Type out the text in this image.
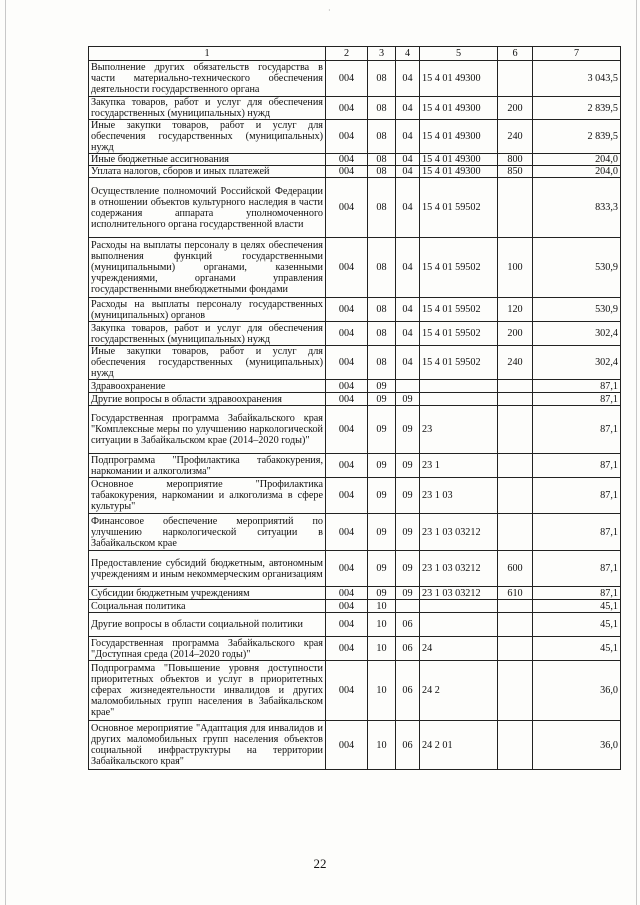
·
1	2	3	4	5	6	7
Выполнение других обязательств государства в части материально-технического обеспечения деятельности государственного органа	004	08	04	15 4 01 49300		3 043,5
Закупка товаров, работ и услуг для обеспечения государственных (муниципальных) нужд	004	08	04	15 4 01 49300	200	2 839,5
Иные закупки товаров, работ и услуг для обеспечения государственных (муниципальных) нужд	004	08	04	15 4 01 49300	240	2 839,5
Иные бюджетные ассигнования	004	08	04	15 4 01 49300	800	204,0
Уплата налогов, сборов и иных платежей	004	08	04	15 4 01 49300	850	204,0
Осуществление полномочий Российской Федерации в отношении объектов культурного наследия в части содержания аппарата уполномоченного исполнительного органа государственной власти	004	08	04	15 4 01 59502		833,3
Расходы на выплаты персоналу в целях обеспечения выполнения функций государственными (муниципальными) органами, казенными учреждениями, органами управления государственными внебюджетными фондами	004	08	04	15 4 01 59502	100	530,9
Расходы на выплаты персоналу государственных (муниципальных) органов	004	08	04	15 4 01 59502	120	530,9
Закупка товаров, работ и услуг для обеспечения государственных (муниципальных) нужд	004	08	04	15 4 01 59502	200	302,4
Иные закупки товаров, работ и услуг для обеспечения государственных (муниципальных) нужд	004	08	04	15 4 01 59502	240	302,4
Здравоохранение	004	09				87,1
Другие вопросы в области здравоохранения	004	09	09			87,1
Государственная программа Забайкальского края "Комплексные меры по улучшению наркологической ситуации в Забайкальском крае (2014–2020 годы)"	004	09	09	23		87,1
Подпрограмма "Профилактика табакокурения, наркомании и алкоголизма"	004	09	09	23 1		87,1
Основное мероприятие "Профилактика табакокурения, наркомании и алкоголизма в сфере культуры"	004	09	09	23 1 03		87,1
Финансовое обеспечение мероприятий по улучшению наркологической ситуации в Забайкальском крае	004	09	09	23 1 03 03212		87,1
Предоставление субсидий бюджетным, автономным учреждениям и иным некоммерческим организациям	004	09	09	23 1 03 03212	600	87,1
Субсидии бюджетным учреждениям	004	09	09	23 1 03 03212	610	87,1
Социальная политика	004	10				45,1
Другие вопросы в области социальной политики	004	10	06			45,1
Государственная программа Забайкальского края "Доступная среда (2014–2020 годы)"	004	10	06	24		45,1
Подпрограмма "Повышение уровня доступности приоритетных объектов и услуг в приоритетных сферах жизнедеятельности инвалидов и других маломобильных групп населения в Забайкальском крае"	004	10	06	24 2		36,0
Основное мероприятие "Адаптация для инвалидов и других маломобильных групп населения объектов социальной инфраструктуры на территории Забайкальского края"	004	10	06	24 2 01		36,0
22
